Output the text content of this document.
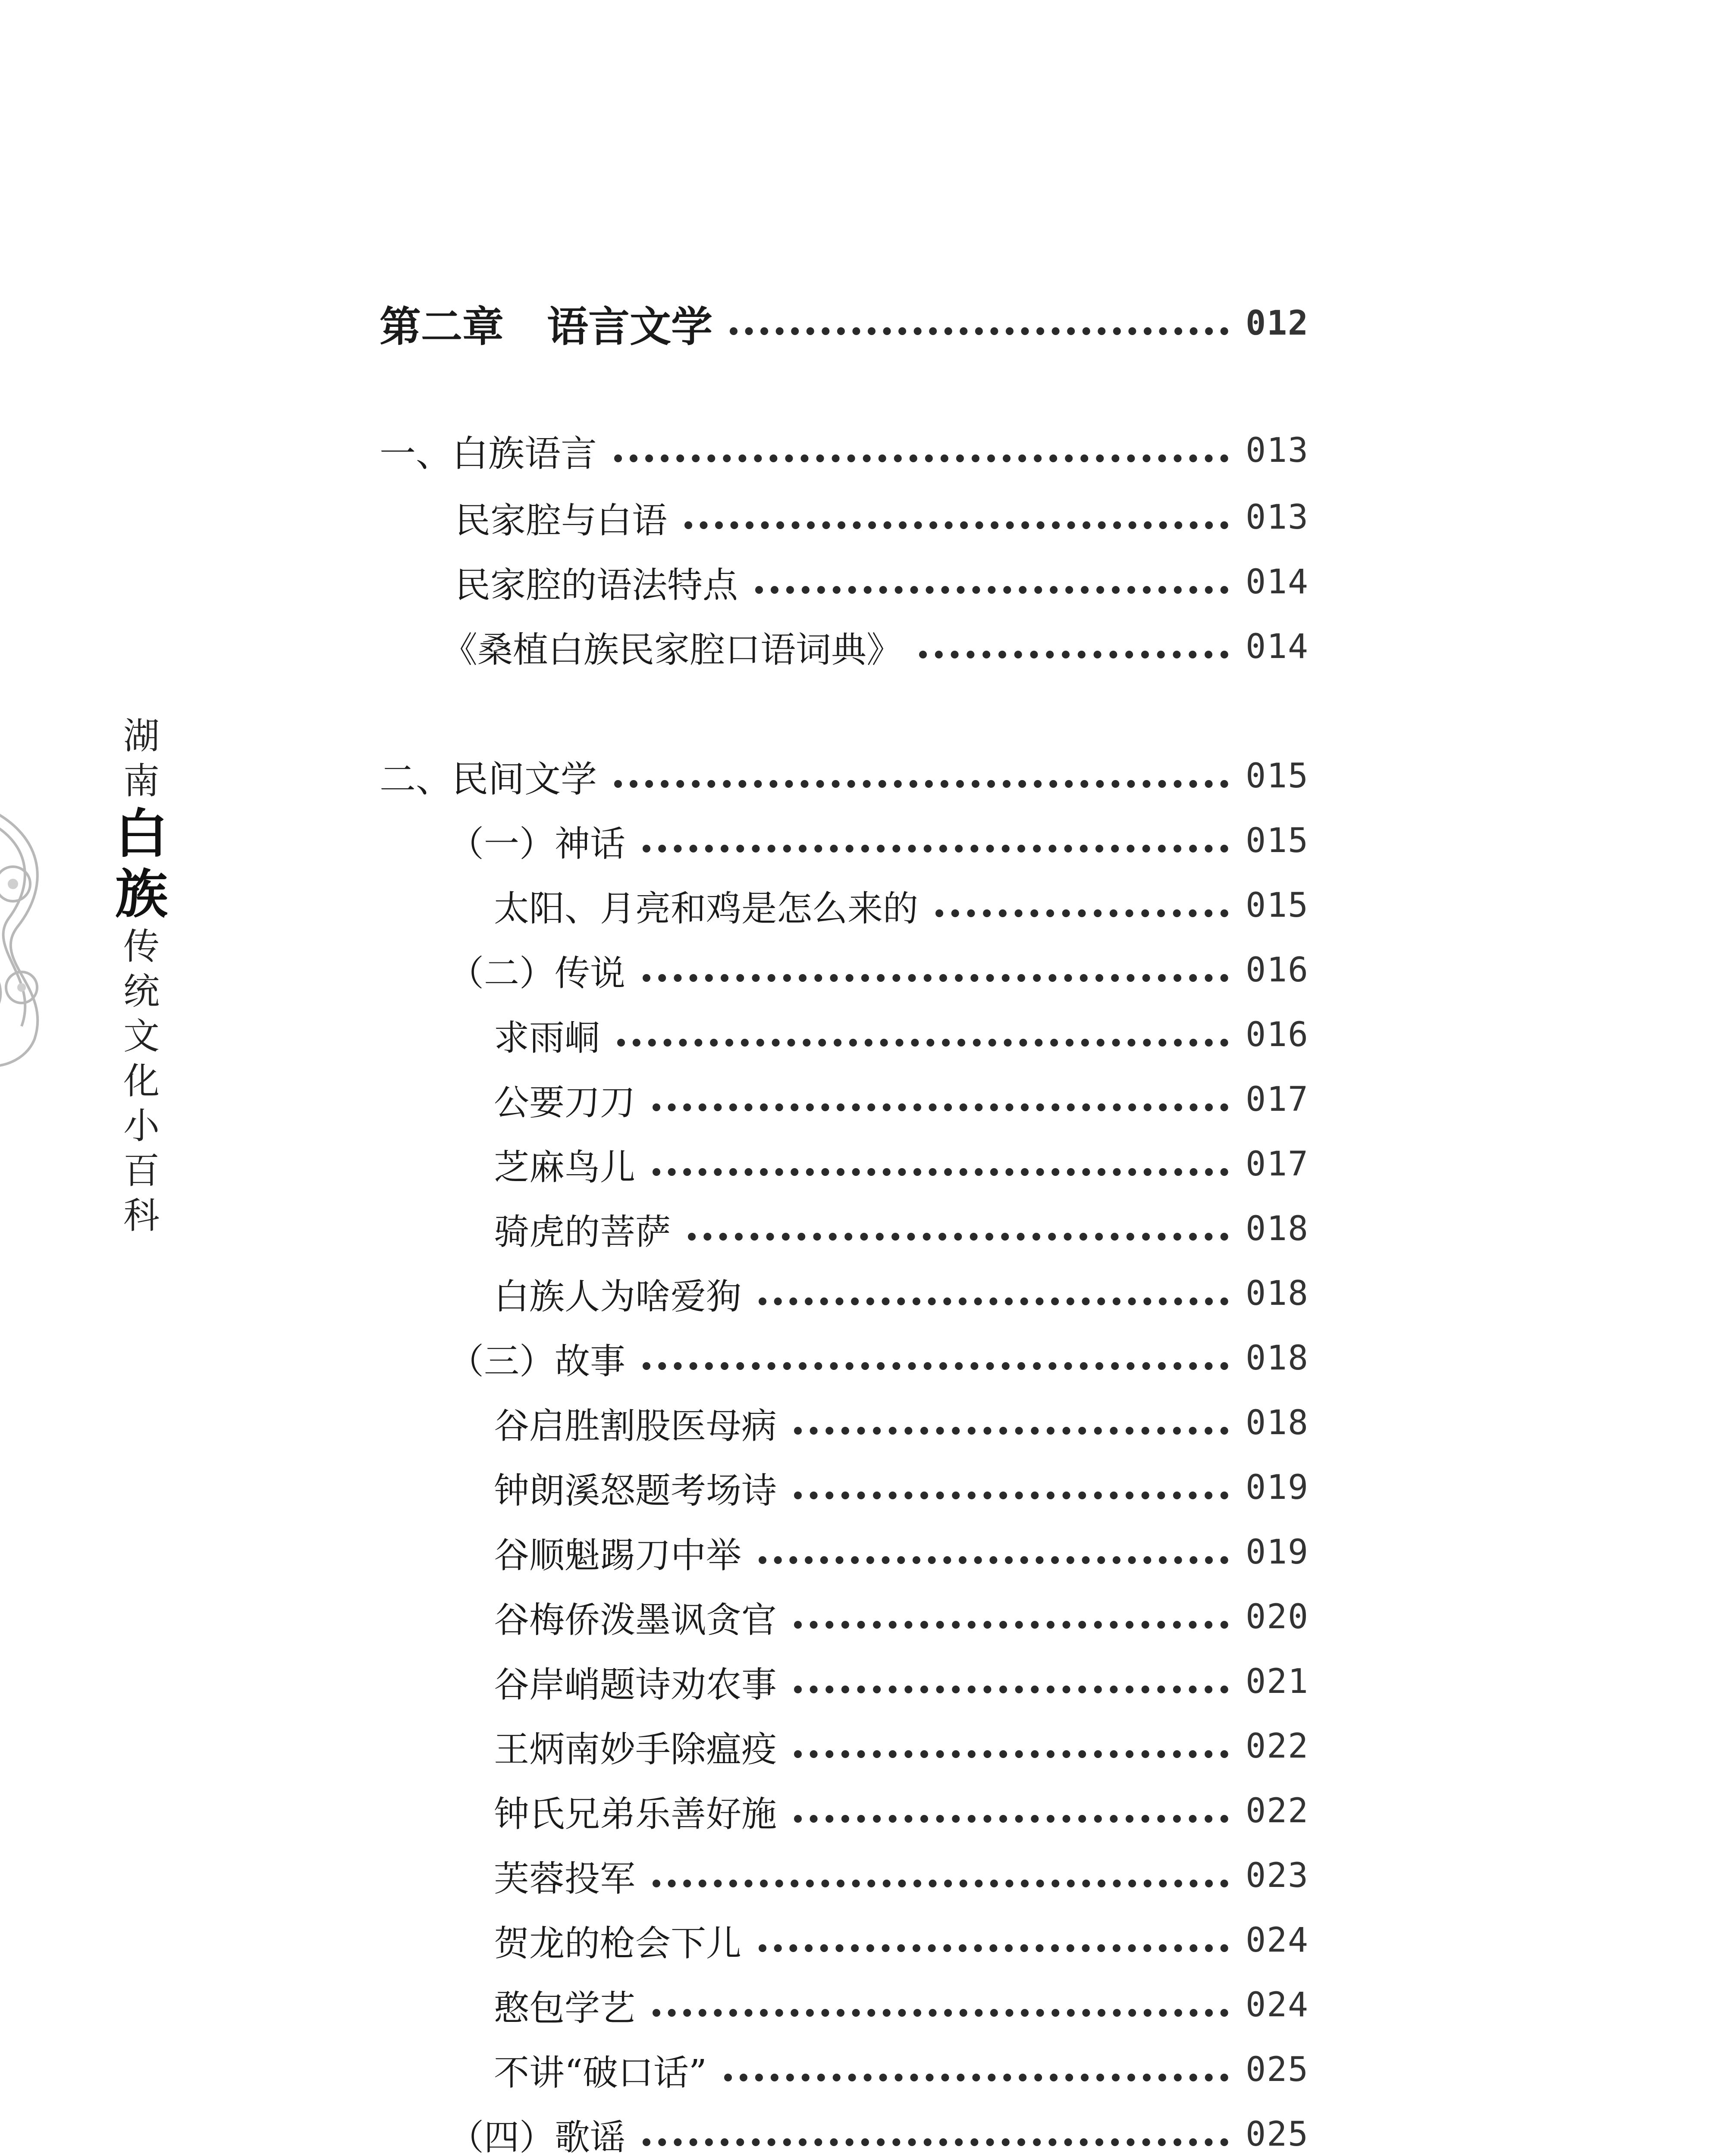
湖
南
白
族
传
统
文
化
小
百
科
第二章 语言文学	012
一、白族语言	013
民家腔与白语	013
民家腔的语法特点	014
《桑植白族民家腔口语词典》	014
二、民间文学	015
（一）神话	015
太阳、月亮和鸡是怎么来的	015
（二）传说	016
求雨峒	016
公要刀刀	017
芝麻鸟儿	017
骑虎的菩萨	018
白族人为啥爱狗	018
（三）故事	018
谷启胜割股医母病	018
钟朗溪怒题考场诗	019
谷顺魁踢刀中举	019
谷梅侨泼墨讽贪官	020
谷岸峭题诗劝农事	021
王炳南妙手除瘟疫	022
钟氏兄弟乐善好施	022
芙蓉投军	023
贺龙的枪会下儿	024
憨包学艺	024
不讲“破口话”	025
（四）歌谣	025
